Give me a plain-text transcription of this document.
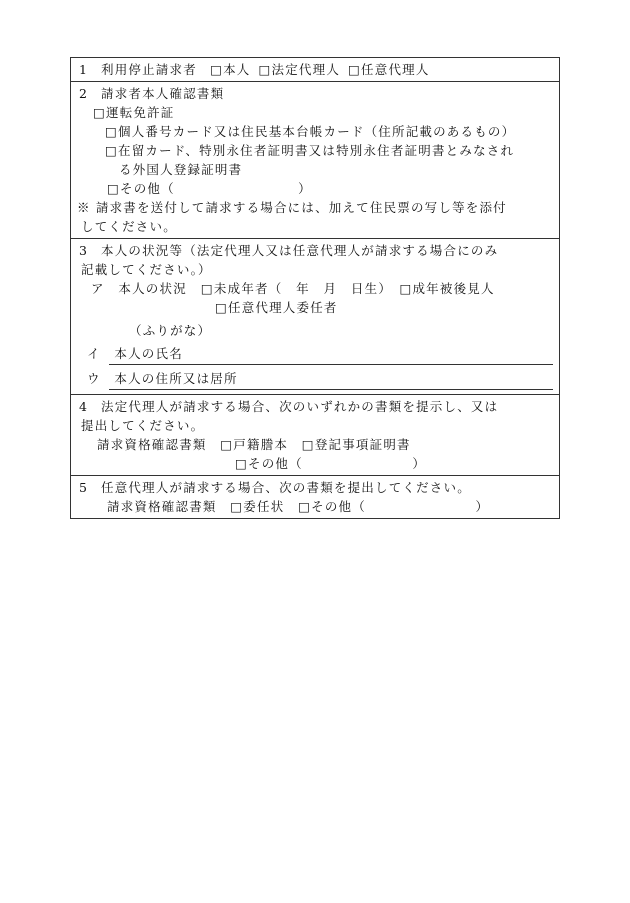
1 利用停止請求者 □本人 □法定代理人 □任意代理人
2 請求者本人確認書類
□運転免許証
□個人番号カード又は住民基本台帳カード（住所記載のあるもの）
□在留カード、特別永住者証明書又は特別永住者証明書とみなされ
る外国人登録証明書
□その他（　　　　　　　　　）
※ 請求書を送付して請求する場合には、加えて住民票の写し等を添付
してください。
3 本人の状況等（法定代理人又は任意代理人が請求する場合にのみ
記載してください。）
ア　本人の状況 □未成年者（　年　月　日生）　□成年被後見人
□任意代理人委任者
（ふりがな）
イ　本人の氏名
ウ　本人の住所又は居所
4 法定代理人が請求する場合、次のいずれかの書類を提示し、又は
提出してください。
請求資格確認書類　□戸籍謄本　□登記事項証明書
□その他（　　　　　　　　）
5 任意代理人が請求する場合、次の書類を提出してください。
請求資格確認書類　□委任状　□その他（　　　　　　　　）
